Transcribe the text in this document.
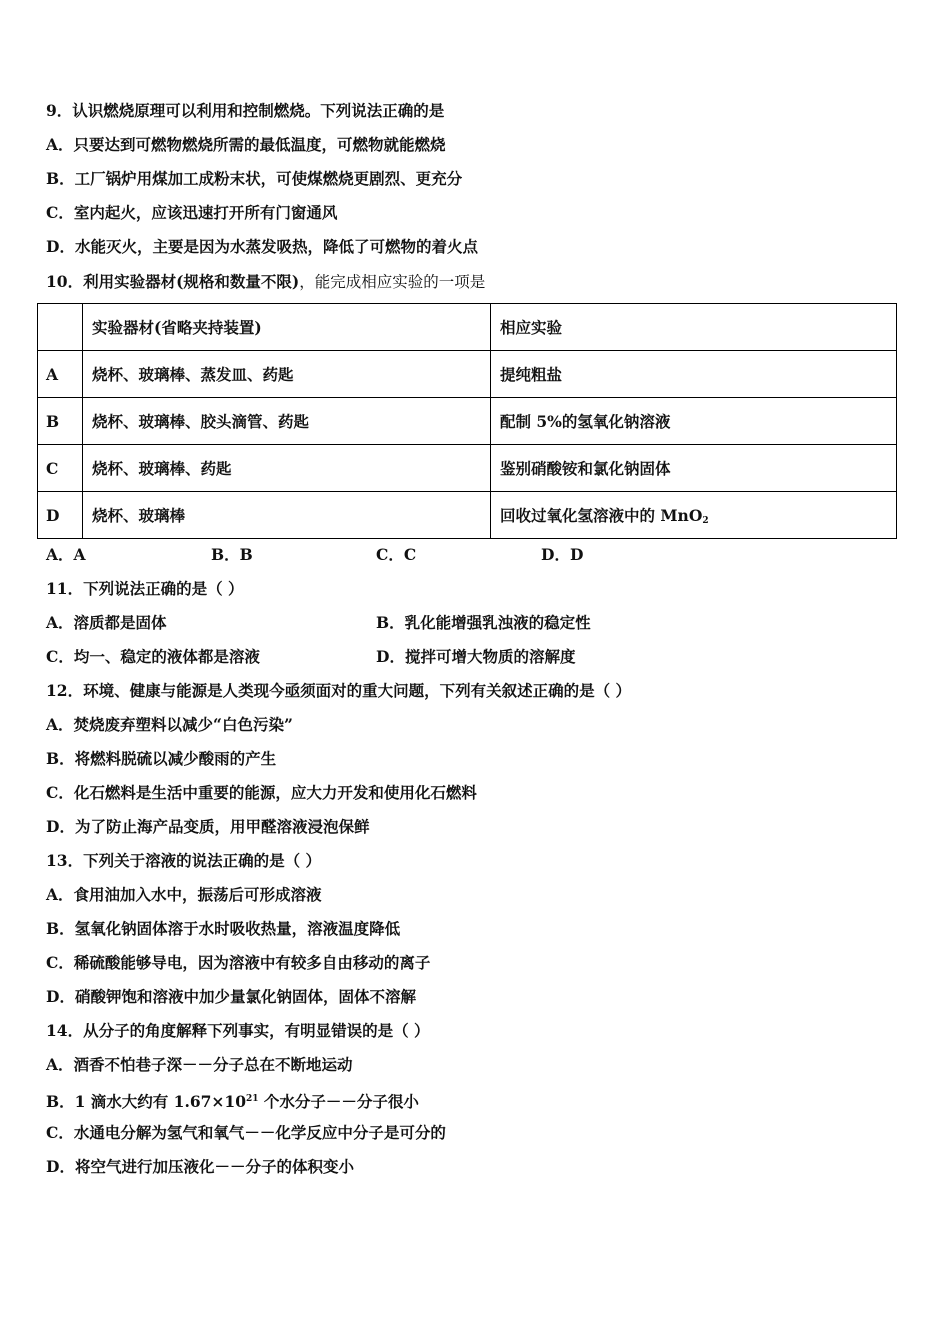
9．认识燃烧原理可以利用和控制燃烧。下列说法正确的是
A．只要达到可燃物燃烧所需的最低温度，可燃物就能燃烧
B．工厂锅炉用煤加工成粉末状，可使煤燃烧更剧烈、更充分
C．室内起火，应该迅速打开所有门窗通风
D．水能灭火，主要是因为水蒸发吸热，降低了可燃物的着火点
10．利用实验器材(规格和数量不限)，能完成相应实验的一项是
	实验器材(省略夹持装置)	相应实验
A	烧杯、玻璃棒、蒸发皿、药匙	提纯粗盐
B	烧杯、玻璃棒、胶头滴管、药匙	配制 5%的氢氧化钠溶液
C	烧杯、玻璃棒、药匙	鉴别硝酸铵和氯化钠固体
D	烧杯、玻璃棒	回收过氧化氢溶液中的 MnO$_2$
A．A	B．B	C．C	D．D
11．下列说法正确的是（ ）
A．溶质都是固体	B．乳化能增强乳浊液的稳定性
C．均一、稳定的液体都是溶液	D．搅拌可增大物质的溶解度
12．环境、健康与能源是人类现今亟须面对的重大问题，下列有关叙述正确的是（ ）
A．焚烧废弃塑料以减少“白色污染”
B．将燃料脱硫以减少酸雨的产生
C．化石燃料是生活中重要的能源，应大力开发和使用化石燃料
D．为了防止海产品变质，用甲醛溶液浸泡保鲜
13．下列关于溶液的说法正确的是（ ）
A．食用油加入水中，振荡后可形成溶液
B．氢氧化钠固体溶于水时吸收热量，溶液温度降低
C．稀硫酸能够导电，因为溶液中有较多自由移动的离子
D．硝酸钾饱和溶液中加少量氯化钠固体，固体不溶解
14．从分子的角度解释下列事实，有明显错误的是（ ）
A．酒香不怕巷子深－－分子总在不断地运动
B．1 滴水大约有 $1.67\times 10^{21}$ 个水分子－－分子很小
C．水通电分解为氢气和氧气－－化学反应中分子是可分的
D．将空气进行加压液化－－分子的体积变小
